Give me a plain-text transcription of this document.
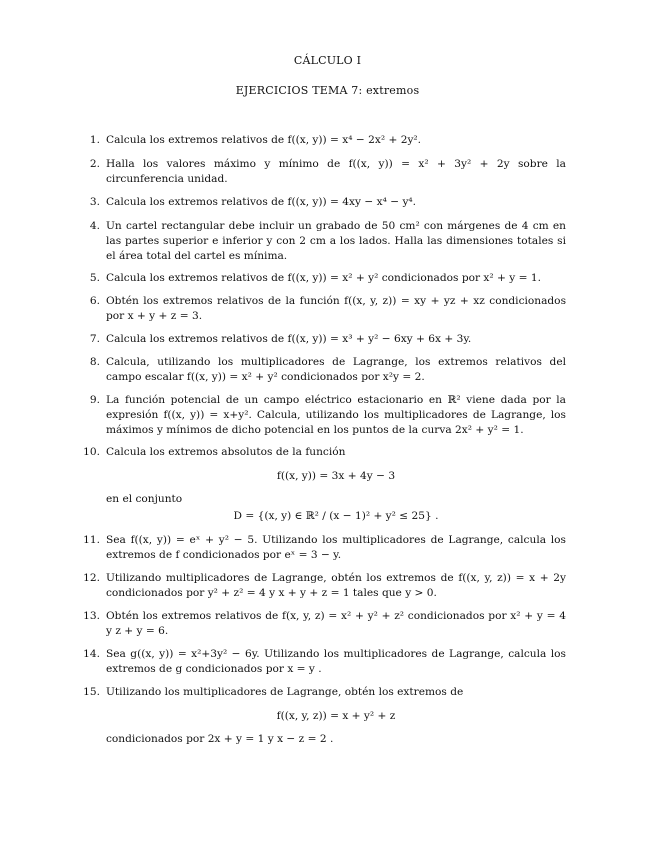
CÁLCULO I
EJERCICIOS TEMA 7: extremos
1. Calcula los extremos relativos de f((x, y)) = x⁴ − 2x² + 2y².
2. Halla los valores máximo y mínimo de f((x, y)) = x² + 3y² + 2y sobre la circunferencia unidad.
3. Calcula los extremos relativos de f((x, y)) = 4xy − x⁴ − y⁴.
4. Un cartel rectangular debe incluir un grabado de 50 cm² con márgenes de 4 cm en las partes superior e inferior y con 2 cm a los lados. Halla las dimensiones totales si el área total del cartel es mínima.
5. Calcula los extremos relativos de f((x, y)) = x² + y² condicionados por x² + y = 1.
6. Obtén los extremos relativos de la función f((x, y, z)) = xy + yz + xz condicionados por x + y + z = 3.
7. Calcula los extremos relativos de f((x, y)) = x³ + y² − 6xy + 6x + 3y.
8. Calcula, utilizando los multiplicadores de Lagrange, los extremos relativos del campo escalar f((x, y)) = x² + y² condicionados por x²y = 2.
9. La función potencial de un campo eléctrico estacionario en ℝ² viene dada por la expresión f((x, y)) = x+y². Calcula, utilizando los multiplicadores de Lagrange, los máximos y mínimos de dicho potencial en los puntos de la curva 2x² + y² = 1.
10. Calcula los extremos absolutos de la función
f((x, y)) = 3x + 4y − 3
en el conjunto
D = {(x, y) ∈ ℝ² / (x − 1)² + y² ≤ 25} .
11. Sea f((x, y)) = eˣ + y² − 5. Utilizando los multiplicadores de Lagrange, calcula los extremos de f condicionados por eˣ = 3 − y.
12. Utilizando multiplicadores de Lagrange, obtén los extremos de f((x, y, z)) = x + 2y condicionados por y² + z² = 4 y x + y + z = 1 tales que y > 0.
13. Obtén los extremos relativos de f(x, y, z) = x² + y² + z² condicionados por x² + y = 4 y z + y = 6.
14. Sea g((x, y)) = x²+3y² − 6y. Utilizando los multiplicadores de Lagrange, calcula los extremos de g condicionados por x = y .
15. Utilizando los multiplicadores de Lagrange, obtén los extremos de
f((x, y, z)) = x + y² + z
condicionados por 2x + y = 1 y x − z = 2 .
